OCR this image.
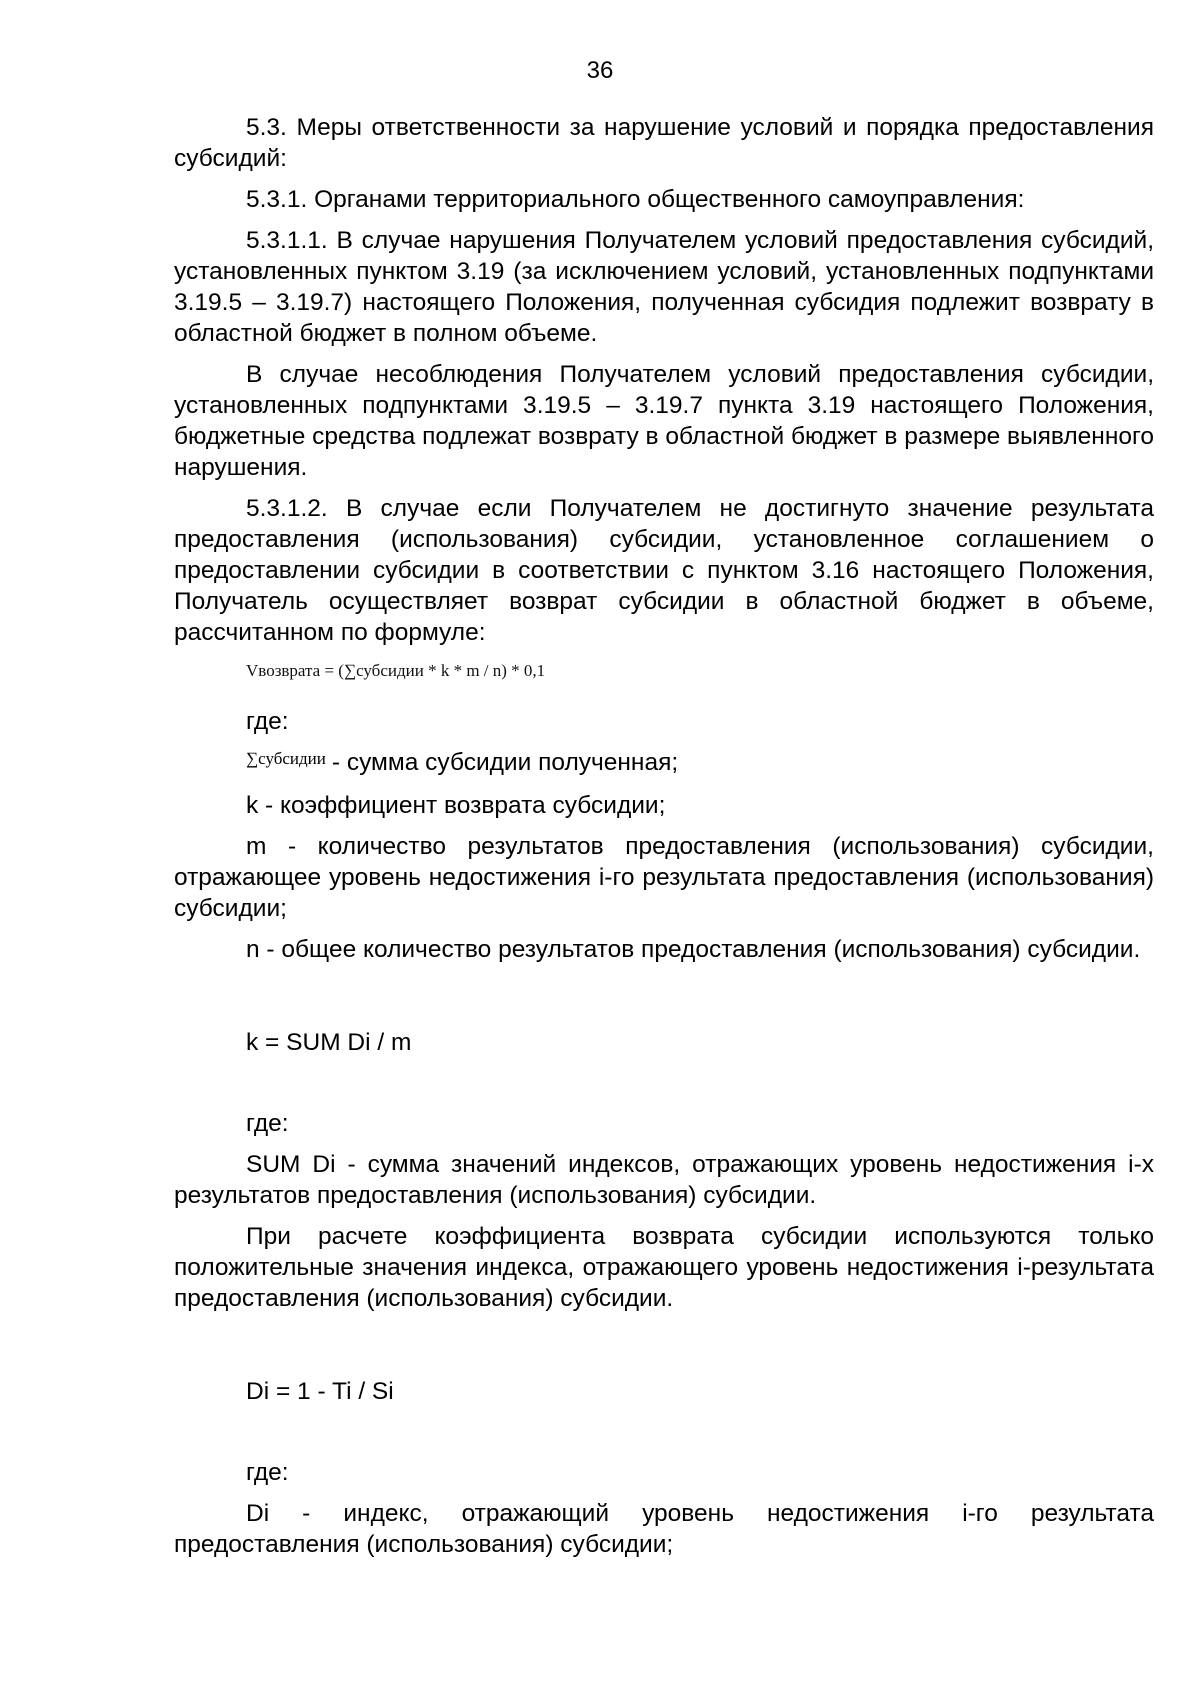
36

5.3. Меры ответственности за нарушение условий и порядка предоставления субсидий:

5.3.1. Органами территориального общественного самоуправления:

5.3.1.1. В случае нарушения Получателем условий предоставления субсидий, установленных пунктом 3.19 (за исключением условий, установленных подпунктами 3.19.5 – 3.19.7) настоящего Положения, полученная субсидия подлежит возврату в областной бюджет в полном объеме.

В случае несоблюдения Получателем условий предоставления субсидии, установленных подпунктами 3.19.5 – 3.19.7 пункта 3.19 настоящего Положения, бюджетные средства подлежат возврату в областной бюджет в размере выявленного нарушения.

5.3.1.2. В случае если Получателем не достигнуто значение результата предоставления (использования) субсидии, установленное соглашением о предоставлении субсидии в соответствии с пунктом 3.16 настоящего Положения, Получатель осуществляет возврат субсидии в областной бюджет в объеме, рассчитанном по формуле:

Vвозврата = (∑субсидии * k * m / n) * 0,1
где:
$^{\sum субсидии}$ - сумма субсидии полученная;
k - коэффициент возврата субсидии;

m - количество результатов предоставления (использования) субсидии, отражающее уровень недостижения i-го результата предоставления (использования) субсидии;

n - общее количество результатов предоставления (использования) субсидии.

k = SUM Di / m
где:

SUM Di - сумма значений индексов, отражающих уровень недостижения i-х результатов предоставления (использования) субсидии.

При расчете коэффициента возврата субсидии используются только положительные значения индекса, отражающего уровень недостижения i-результата предоставления (использования) субсидии.

Di = 1 - Ti / Si
где:

Di - индекс, отражающий уровень недостижения i-го результата предоставления (использования) субсидии;
